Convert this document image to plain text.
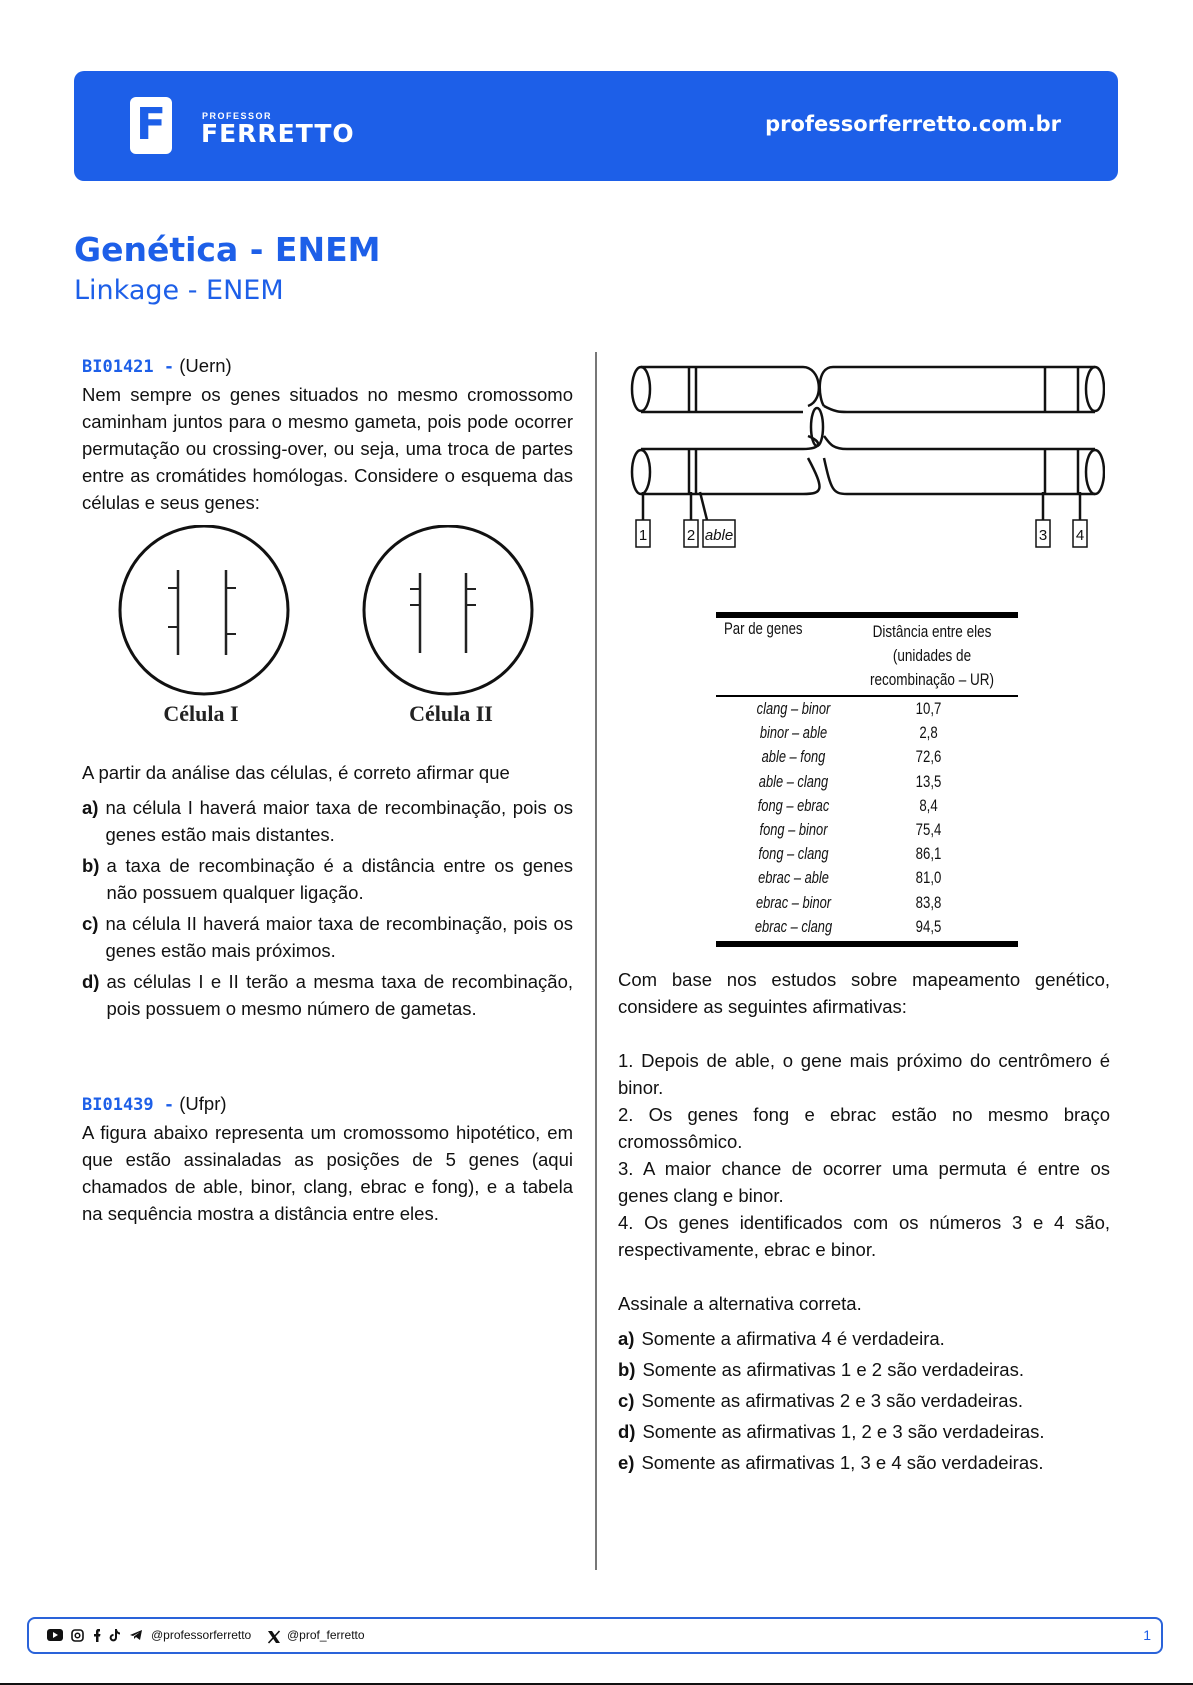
F	PROFESSOR
FERRETTO	professorferretto.com.br
Genética - ENEM
Linkage - ENEM
BI01421 - (Uern)

Nem sempre os genes situados no mesmo cromossomo caminham juntos para o mesmo gameta, pois pode ocorrer permutação ou crossing-over, ou seja, uma troca de partes entre as cromátides homólogas. Considere o esquema das células e seus genes:

Célula I	Célula II
A partir da análise das células, é correto afirmar que
a) na célula I haverá maior taxa de recombinação, pois os genes estão mais distantes.
b) a taxa de recombinação é a distância entre os genes não possuem qualquer ligação.
c) na célula II haverá maior taxa de recombinação, pois os genes estão mais próximos.
d) as células I e II terão a mesma taxa de recombinação, pois possuem o mesmo número de gametas.
BI01439 - (Ufpr)

A figura abaixo representa um cromossomo hipotético, em que estão assinaladas as posições de 5 genes (aqui chamados de able, binor, clang, ebrac e fong), e a tabela na sequência mostra a distância entre eles.

1	2 able	3 4
Par de genes	Distância entre eles
(unidades de recombinação – UR)
clang – binor	10,7
binor – able	2,8
able – fong	72,6
able – clang	13,5
fong – ebrac	8,4
fong – binor	75,4
fong – clang	86,1
ebrac – able	81,0
ebrac – binor	83,8
ebrac – clang	94,5

Com base nos estudos sobre mapeamento genético, considere as seguintes afirmativas:

1. Depois de able, o gene mais próximo do centrômero é binor.

2. Os genes fong e ebrac estão no mesmo braço cromossômico.

3. A maior chance de ocorrer uma permuta é entre os genes clang e binor.

4. Os genes identificados com os números 3 e 4 são, respectivamente, ebrac e binor.

Assinale a alternativa correta.
a) Somente a afirmativa 4 é verdadeira.
b) Somente as afirmativas 1 e 2 são verdadeiras.
c) Somente as afirmativas 2 e 3 são verdadeiras.
d) Somente as afirmativas 1, 2 e 3 são verdadeiras.
e) Somente as afirmativas 1, 3 e 4 são verdadeiras.
@professorferretto	@prof_ferretto	1
